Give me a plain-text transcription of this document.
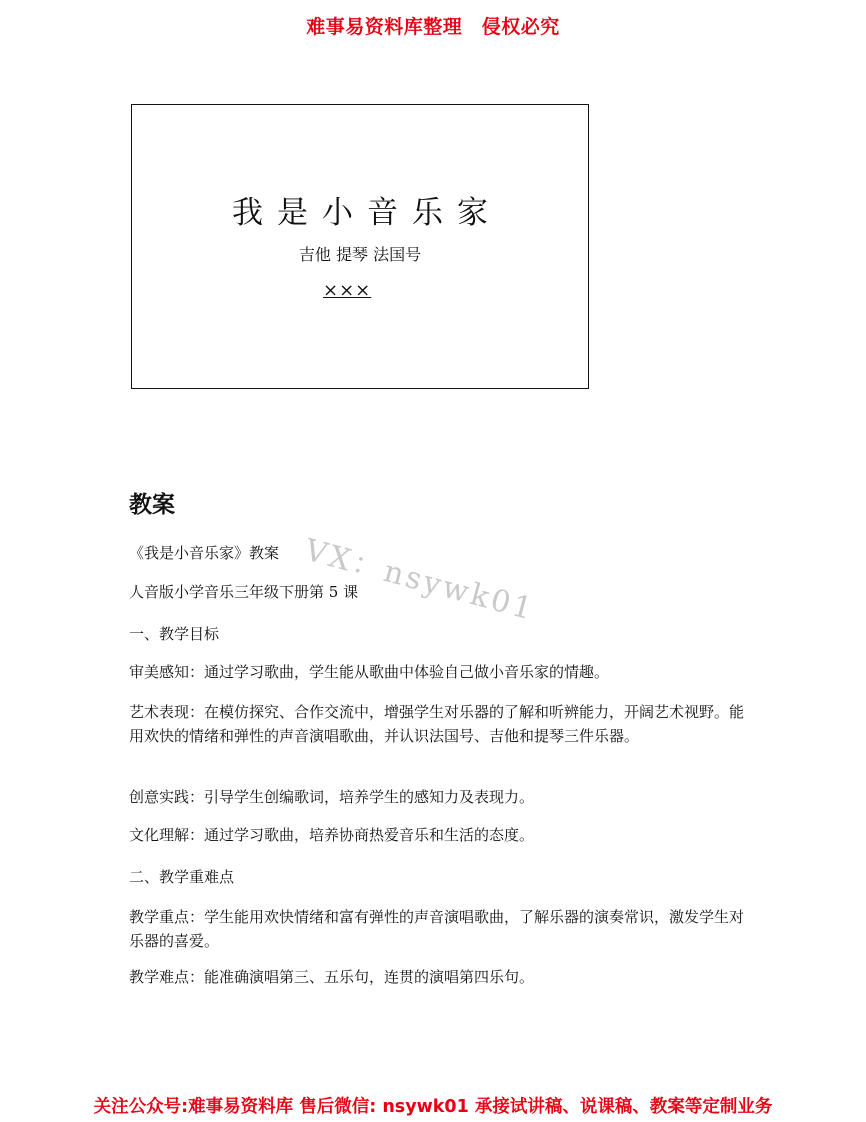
难事易资料库整理　侵权必究
我是小音乐家
吉他 提琴 法国号
×××
VX：nsywk01
教案
《我是小音乐家》教案
人音版小学音乐三年级下册第 5 课
一、教学目标
审美感知：通过学习歌曲，学生能从歌曲中体验自己做小音乐家的情趣。
艺术表现：在模仿探究、合作交流中，增强学生对乐器的了解和听辨能力，开阔艺术视野。能用欢快的情绪和弹性的声音演唱歌曲，并认识法国号、吉他和提琴三件乐器。
创意实践：引导学生创编歌词，培养学生的感知力及表现力。
文化理解：通过学习歌曲，培养协商热爱音乐和生活的态度。
二、教学重难点
教学重点：学生能用欢快情绪和富有弹性的声音演唱歌曲，了解乐器的演奏常识，激发学生对乐器的喜爱。
教学难点：能准确演唱第三、五乐句，连贯的演唱第四乐句。
关注公众号:难事易资料库 售后微信: nsywk01 承接试讲稿、说课稿、教案等定制业务
